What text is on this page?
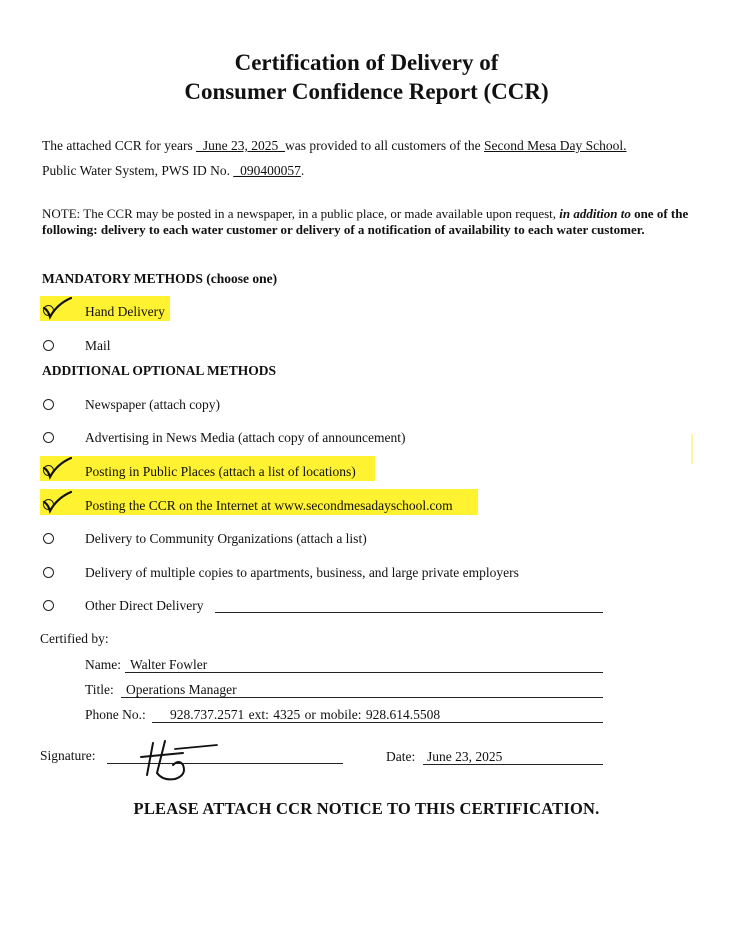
Certification of Delivery of
Consumer Confidence Report (CCR)
The attached CCR for years _June 23, 2025_was provided to all customers of the Second Mesa Day School.
Public Water System, PWS ID No. _090400057.
NOTE: The CCR may be posted in a newspaper, in a public place, or made available upon request, in addition to one of the following: delivery to each water customer or delivery of a notification of availability to each water customer.
MANDATORY METHODS (choose one)
Hand Delivery
Mail
ADDITIONAL OPTIONAL METHODS
Newspaper (attach copy)
Advertising in News Media (attach copy of announcement)
Posting in Public Places (attach a list of locations)
Posting the CCR on the Internet at www.secondmesadayschool.com
Delivery to Community Organizations (attach a list)
Delivery of multiple copies to apartments, business, and large private employers
Other Direct Delivery
Certified by:
Name: Walter Fowler
Title: Operations Manager
Phone No.: 928.737.2571 ext: 4325 or mobile: 928.614.5508
Signature:	Date: June 23, 2025
PLEASE ATTACH CCR NOTICE TO THIS CERTIFICATION.
